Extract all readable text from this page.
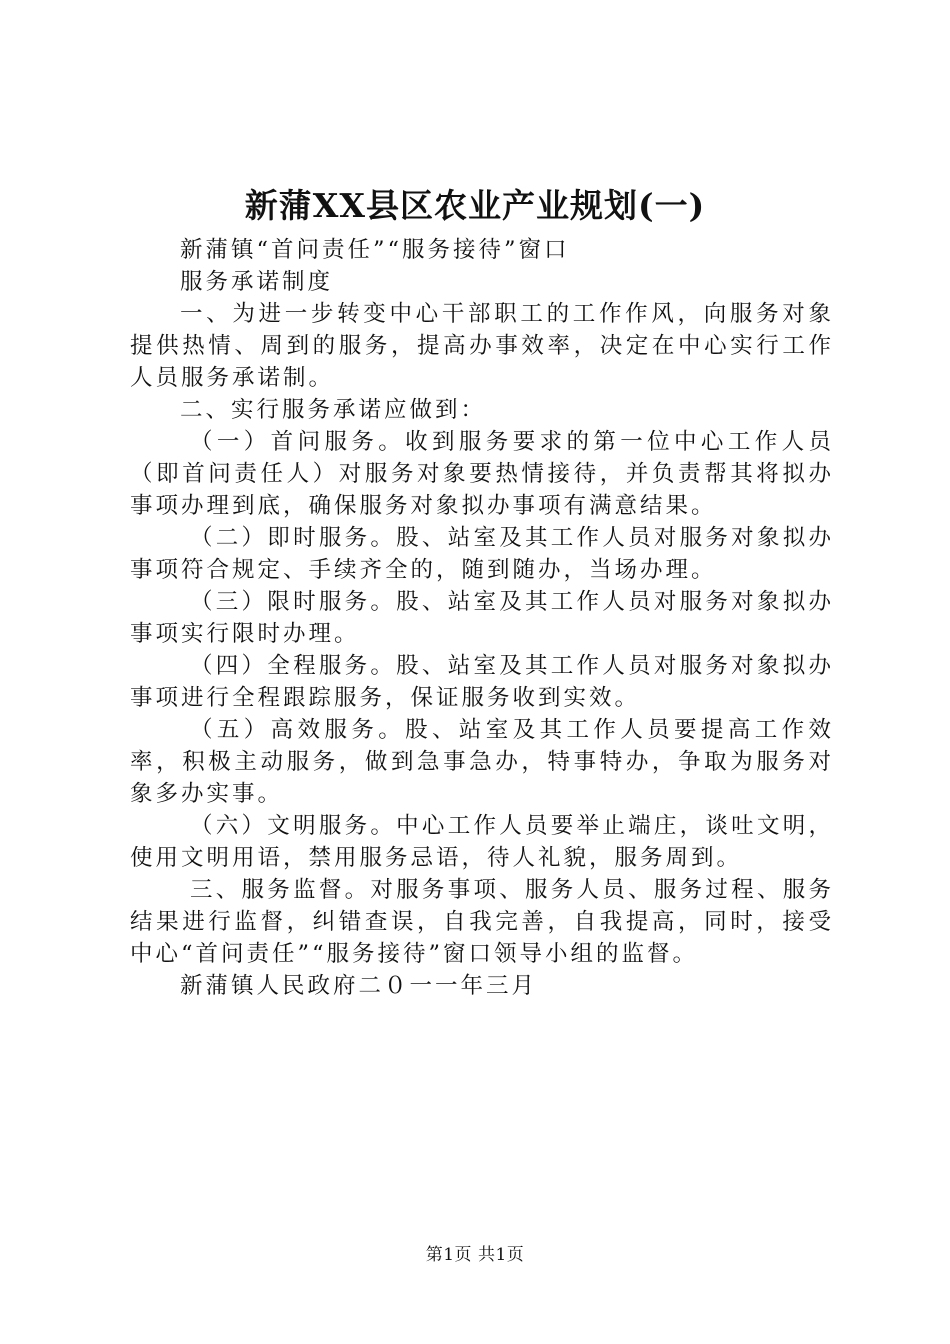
新蒲XX县区农业产业规划(一)

新蒲镇“首问责任”“服务接待”窗口

服务承诺制度

一、为进一步转变中心干部职工的工作作风，向服务对象提供热情、周到的服务，提高办事效率，决定在中心实行工作人员服务承诺制。

二、实行服务承诺应做到：

（一）首问服务。收到服务要求的第一位中心工作人员（即首问责任人）对服务对象要热情接待，并负责帮其将拟办事项办理到底，确保服务对象拟办事项有满意结果。

（二）即时服务。股、站室及其工作人员对服务对象拟办事项符合规定、手续齐全的，随到随办，当场办理。

（三）限时服务。股、站室及其工作人员对服务对象拟办事项实行限时办理。

（四）全程服务。股、站室及其工作人员对服务对象拟办事项进行全程跟踪服务，保证服务收到实效。

（五）高效服务。股、站室及其工作人员要提高工作效率，积极主动服务，做到急事急办，特事特办，争取为服务对象多办实事。

（六）文明服务。中心工作人员要举止端庄，谈吐文明，使用文明用语，禁用服务忌语，待人礼貌，服务周到。

三、服务监督。对服务事项、服务人员、服务过程、服务结果进行监督，纠错查误，自我完善，自我提高，同时，接受中心“首问责任”“服务接待”窗口领导小组的监督。

新蒲镇人民政府二０一一年三月

第1页 共1页
